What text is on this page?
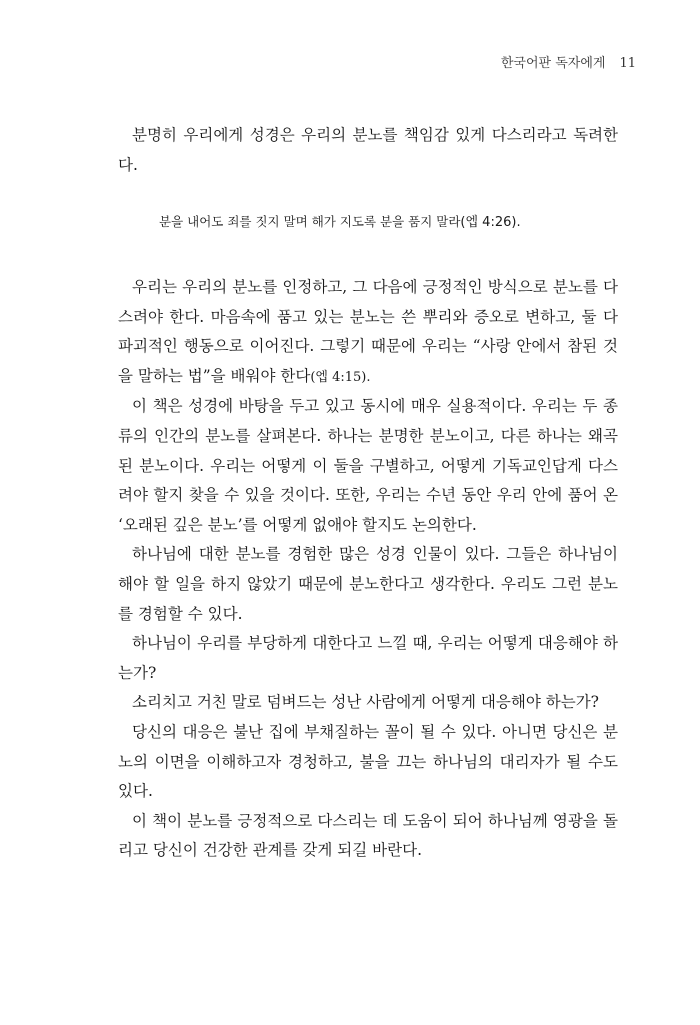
한국어판 독자에게 11

분명히 우리에게 성경은 우리의 분노를 책임감 있게 다스리라고 독려한다.

분을 내어도 죄를 짓지 말며 해가 지도록 분을 품지 말라(엡 4:26).

우리는 우리의 분노를 인정하고, 그 다음에 긍정적인 방식으로 분노를 다스려야 한다. 마음속에 품고 있는 분노는 쓴 뿌리와 증오로 변하고, 둘 다 파괴적인 행동으로 이어진다. 그렇기 때문에 우리는 “사랑 안에서 참된 것을 말하는 법”을 배워야 한다(엡 4:15).

이 책은 성경에 바탕을 두고 있고 동시에 매우 실용적이다. 우리는 두 종류의 인간의 분노를 살펴본다. 하나는 분명한 분노이고, 다른 하나는 왜곡된 분노이다. 우리는 어떻게 이 둘을 구별하고, 어떻게 기독교인답게 다스려야 할지 찾을 수 있을 것이다. 또한, 우리는 수년 동안 우리 안에 품어 온 ‘오래된 깊은 분노’를 어떻게 없애야 할지도 논의한다.

하나님에 대한 분노를 경험한 많은 성경 인물이 있다. 그들은 하나님이 해야 할 일을 하지 않았기 때문에 분노한다고 생각한다. 우리도 그런 분노를 경험할 수 있다.

하나님이 우리를 부당하게 대한다고 느낄 때, 우리는 어떻게 대응해야 하는가?

소리치고 거친 말로 덤벼드는 성난 사람에게 어떻게 대응해야 하는가?

당신의 대응은 불난 집에 부채질하는 꼴이 될 수 있다. 아니면 당신은 분노의 이면을 이해하고자 경청하고, 불을 끄는 하나님의 대리자가 될 수도 있다.

이 책이 분노를 긍정적으로 다스리는 데 도움이 되어 하나님께 영광을 돌리고 당신이 건강한 관계를 갖게 되길 바란다.
